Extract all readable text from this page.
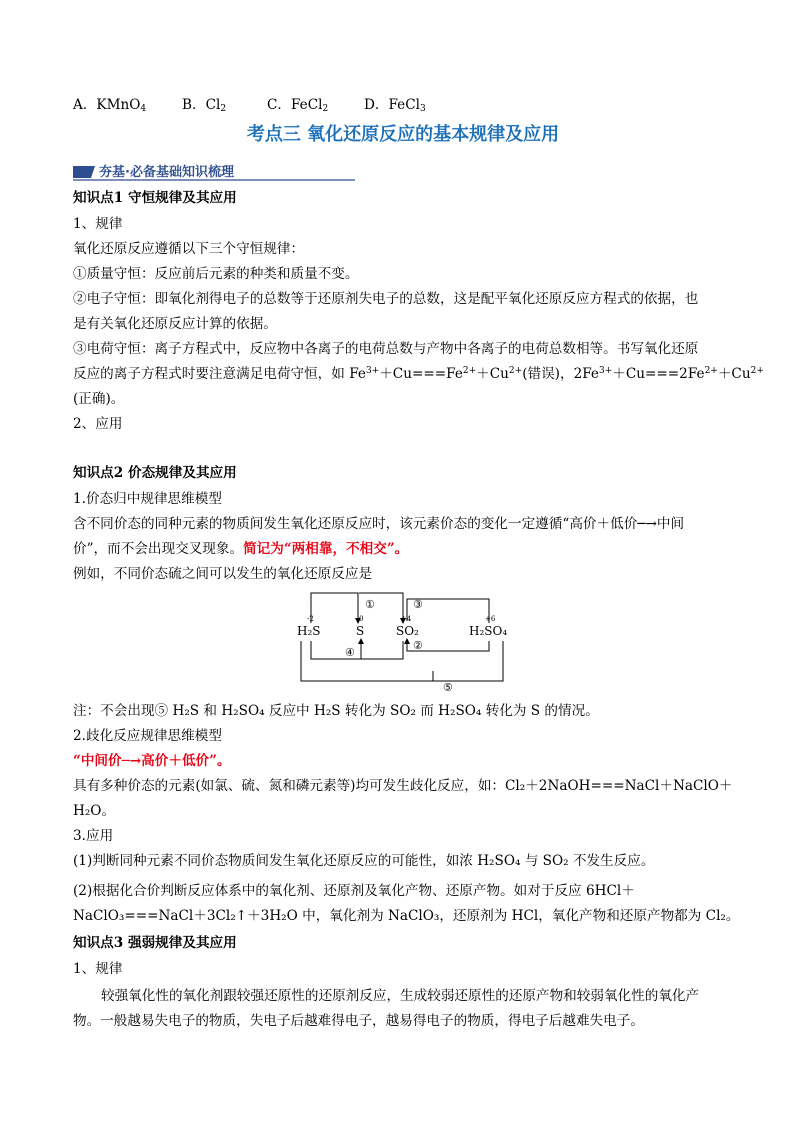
A．KMnO$_4$	B．$Cl_2$	C．FeCl$_2$	D．FeCl$_3$
考点三 氧化还原反应的基本规律及应用
夯基·必备基础知识梳理
知识点1 守恒规律及其应用
1、规律
氧化还原反应遵循以下三个守恒规律：
①质量守恒：反应前后元素的种类和质量不变。
②电子守恒：即氧化剂得电子的总数等于还原剂失电子的总数，这是配平氧化还原反应方程式的依据，也
是有关氧化还原反应计算的依据。
③电荷守恒：离子方程式中，反应物中各离子的电荷总数与产物中各离子的电荷总数相等。书写氧化还原
反应的离子方程式时要注意满足电荷守恒，如 $Fe^{3+}+Cu===Fe^{2+}+Cu^{2+}$(错误)，$2Fe^{3+}+Cu===2Fe^{2+}+Cu^{2+}$
(正确)。
2、应用
知识点2 价态规律及其应用
1.价态归中规律思维模型
含不同价态的同种元素的物质间发生氧化还原反应时，该元素价态的变化一定遵循“高价＋低价─→中间
价”，而不会出现交叉现象。简记为“两相靠，不相交”。
例如，不同价态硫之间可以发生的氧化还原反应是
-2	0	+4	+6
H₂S	S	SO₂	H₂SO₄
①	③
④
②
⑤
注：不会出现⑤ H₂S 和 H₂SO₄ 反应中 H₂S 转化为 SO₂ 而 H₂SO₄ 转化为 S 的情况。
2.歧化反应规律思维模型
“中间价─→高价＋低价”。
具有多种价态的元素(如氯、硫、氮和磷元素等)均可发生歧化反应，如：Cl₂＋2NaOH===NaCl＋NaClO＋
H₂O。
3.应用
(1)判断同种元素不同价态物质间发生氧化还原反应的可能性，如浓 H₂SO₄ 与 SO₂ 不发生反应。
(2)根据化合价判断反应体系中的氧化剂、还原剂及氧化产物、还原产物。如对于反应 6HCl＋
NaClO₃===NaCl＋3Cl₂↑＋3H₂O 中，氧化剂为 NaClO₃，还原剂为 HCl，氧化产物和还原产物都为 Cl₂。
知识点3 强弱规律及其应用
1、规律
较强氧化性的氧化剂跟较强还原性的还原剂反应，生成较弱还原性的还原产物和较弱氧化性的氧化产
物。一般越易失电子的物质，失电子后越难得电子，越易得电子的物质，得电子后越难失电子。
